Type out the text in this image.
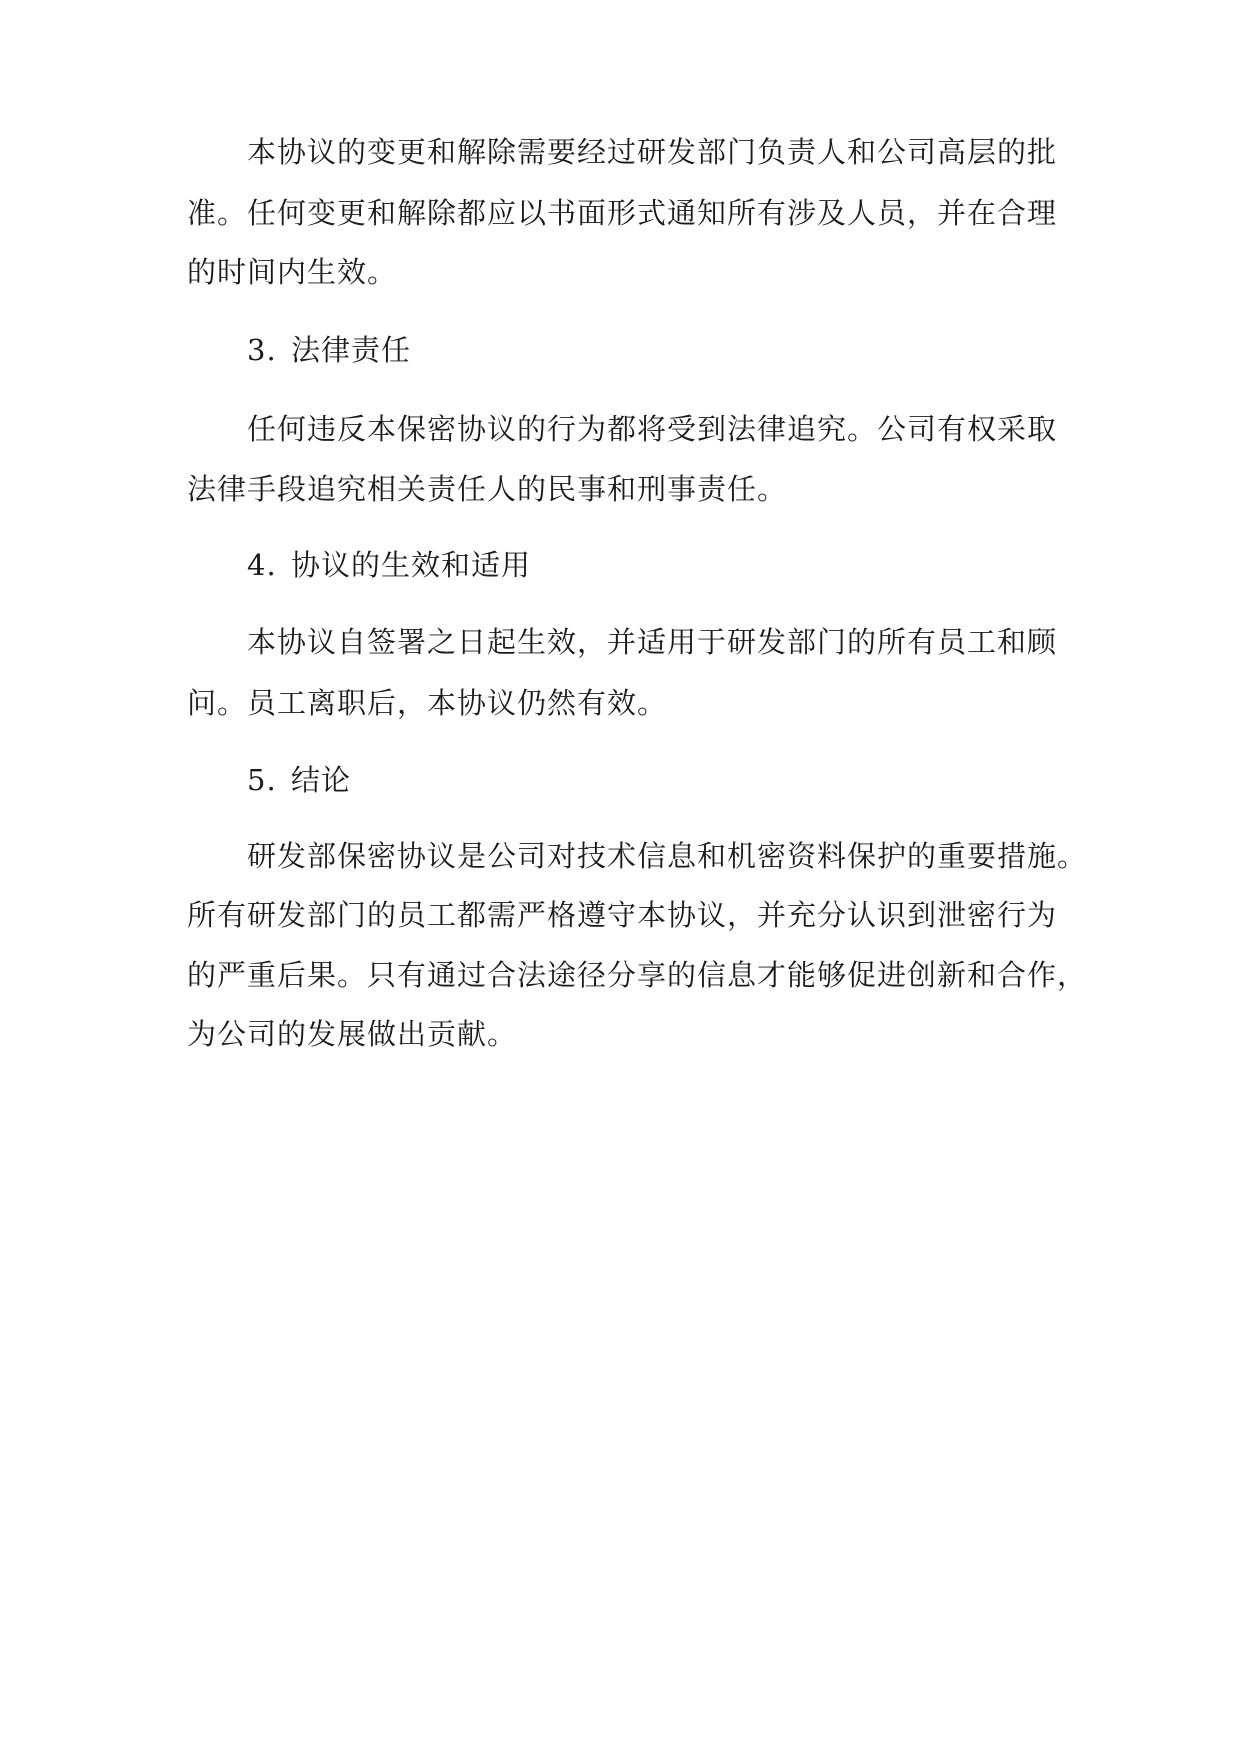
本协议的变更和解除需要经过研发部门负责人和公司高层的批
准。任何变更和解除都应以书面形式通知所有涉及人员，并在合理
的时间内生效。
3. 法律责任
任何违反本保密协议的行为都将受到法律追究。公司有权采取
法律手段追究相关责任人的民事和刑事责任。
4. 协议的生效和适用
本协议自签署之日起生效，并适用于研发部门的所有员工和顾
问。员工离职后，本协议仍然有效。
5. 结论
研发部保密协议是公司对技术信息和机密资料保护的重要措施。
所有研发部门的员工都需严格遵守本协议，并充分认识到泄密行为
的严重后果。只有通过合法途径分享的信息才能够促进创新和合作，
为公司的发展做出贡献。
